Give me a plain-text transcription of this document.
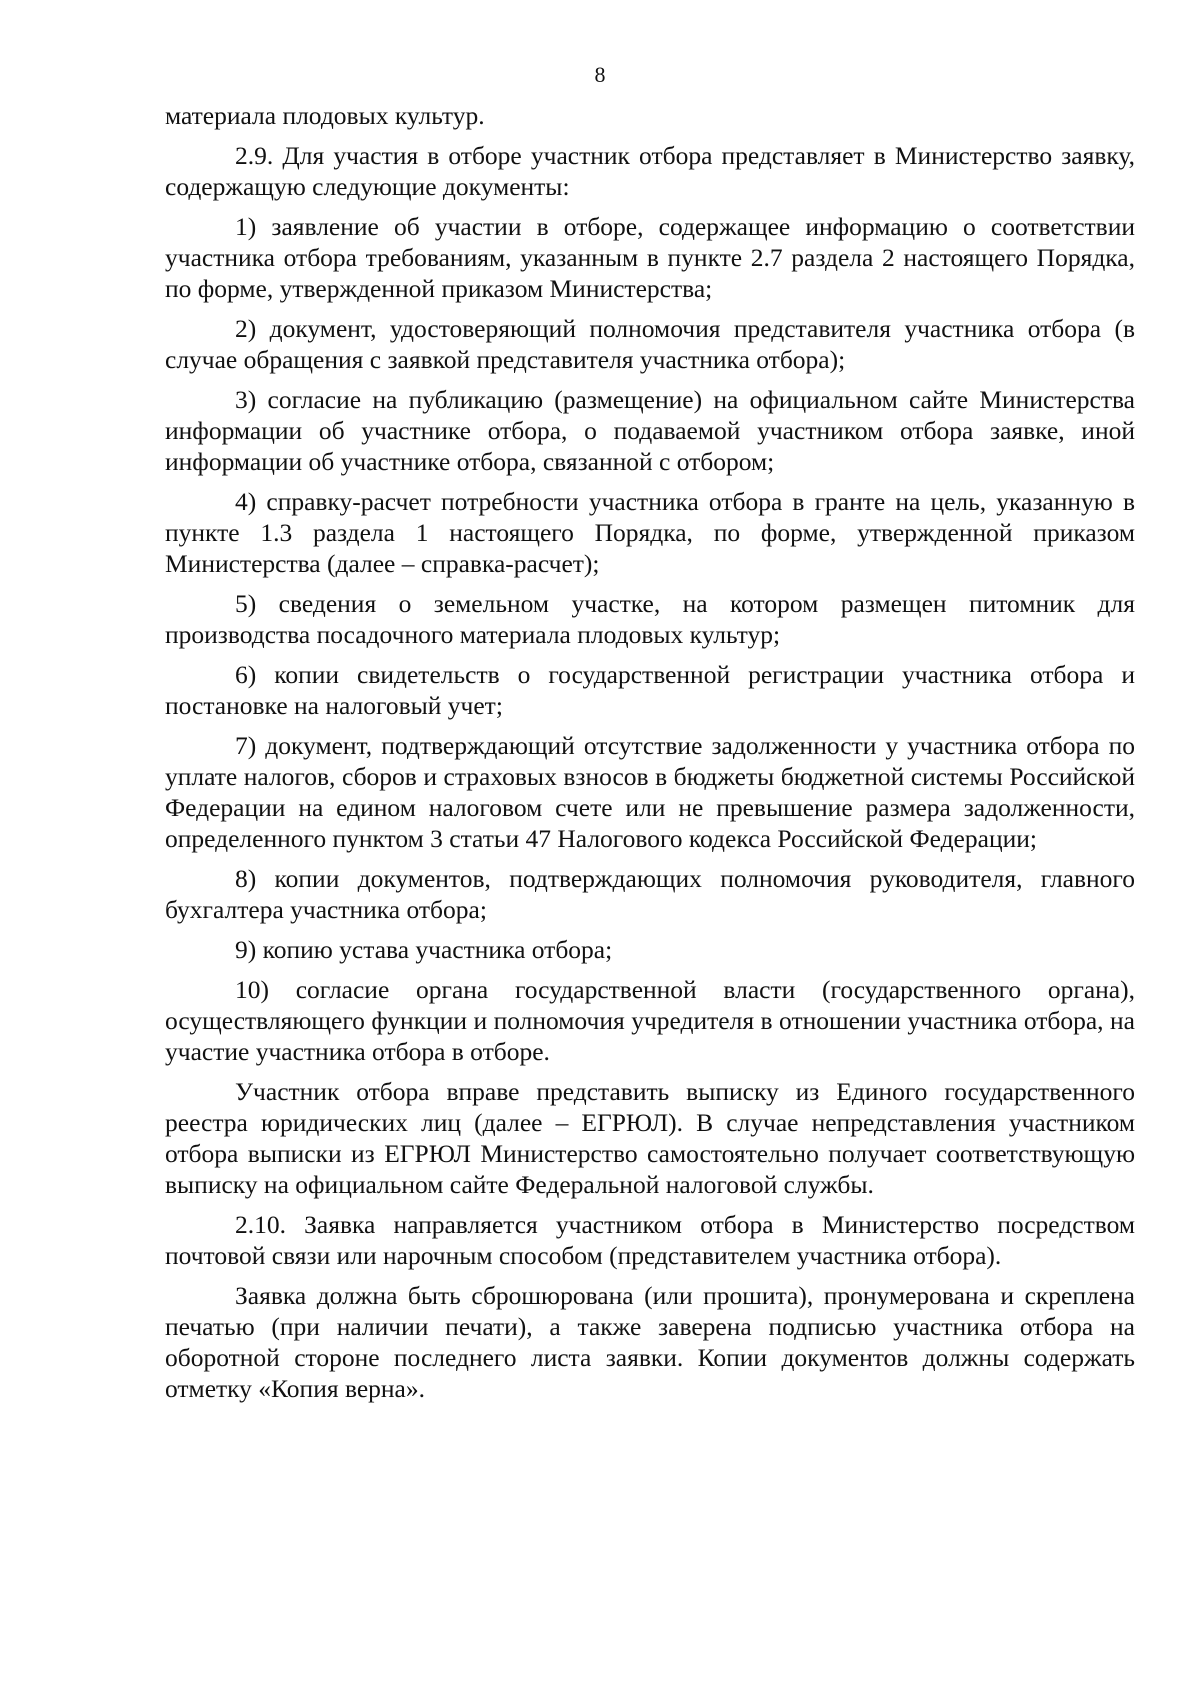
8

материала плодовых культур.

2.9. Для участия в отборе участник отбора представляет в Министерство заявку, содержащую следующие документы:

1) заявление об участии в отборе, содержащее информацию о соответствии участника отбора требованиям, указанным в пункте 2.7 раздела 2 настоящего Порядка, по форме, утвержденной приказом Министерства;

2) документ, удостоверяющий полномочия представителя участника отбора (в случае обращения с заявкой представителя участника отбора);

3) согласие на публикацию (размещение) на официальном сайте Министерства информации об участнике отбора, о подаваемой участником отбора заявке, иной информации об участнике отбора, связанной с отбором;

4) справку-расчет потребности участника отбора в гранте на цель, указанную в пункте 1.3 раздела 1 настоящего Порядка, по форме, утвержденной приказом Министерства (далее – справка-расчет);

5) сведения о земельном участке, на котором размещен питомник для производства посадочного материала плодовых культур;

6) копии свидетельств о государственной регистрации участника отбора и постановке на налоговый учет;

7) документ, подтверждающий отсутствие задолженности у участника отбора по уплате налогов, сборов и страховых взносов в бюджеты бюджетной системы Российской Федерации на едином налоговом счете или не превышение размера задолженности, определенного пунктом 3 статьи 47 Налогового кодекса Российской Федерации;

8) копии документов, подтверждающих полномочия руководителя, главного бухгалтера участника отбора;

9) копию устава участника отбора;

10) согласие органа государственной власти (государственного органа), осуществляющего функции и полномочия учредителя в отношении участника отбора, на участие участника отбора в отборе.

Участник отбора вправе представить выписку из Единого государственного реестра юридических лиц (далее – ЕГРЮЛ). В случае непредставления участником отбора выписки из ЕГРЮЛ Министерство самостоятельно получает соответствующую выписку на официальном сайте Федеральной налоговой службы.

2.10. Заявка направляется участником отбора в Министерство посредством почтовой связи или нарочным способом (представителем участника отбора).

Заявка должна быть сброшюрована (или прошита), пронумерована и скреплена печатью (при наличии печати), а также заверена подписью участника отбора на оборотной стороне последнего листа заявки. Копии документов должны содержать отметку «Копия верна».
